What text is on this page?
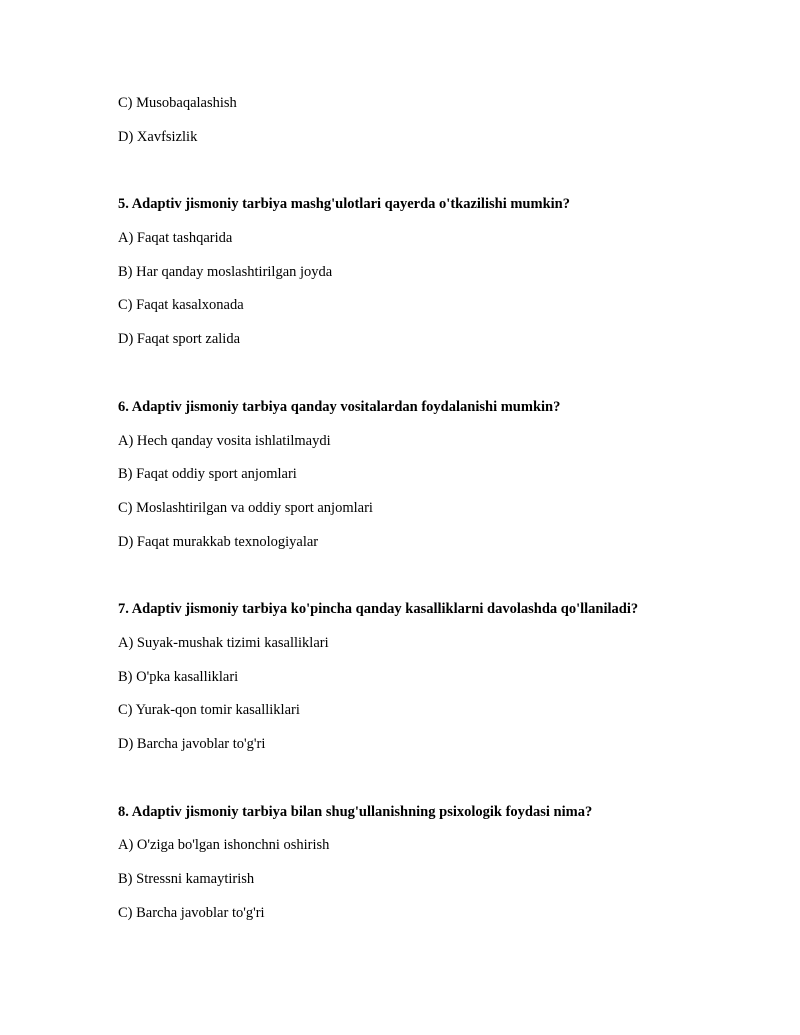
C) Musobaqalashish

D) Xavfsizlik

5. Adaptiv jismoniy tarbiya mashg'ulotlari qayerda o'tkazilishi mumkin?

A) Faqat tashqarida

B) Har qanday moslashtirilgan joyda

C) Faqat kasalxonada

D) Faqat sport zalida

6. Adaptiv jismoniy tarbiya qanday vositalardan foydalanishi mumkin?

A) Hech qanday vosita ishlatilmaydi

B) Faqat oddiy sport anjomlari

C) Moslashtirilgan va oddiy sport anjomlari

D) Faqat murakkab texnologiyalar

7. Adaptiv jismoniy tarbiya ko'pincha qanday kasalliklarni davolashda qo'llaniladi?

A) Suyak-mushak tizimi kasalliklari

B) O'pka kasalliklari

C) Yurak-qon tomir kasalliklari

D) Barcha javoblar to'g'ri

8. Adaptiv jismoniy tarbiya bilan shug'ullanishning psixologik foydasi nima?

A) O'ziga bo'lgan ishonchni oshirish

B) Stressni kamaytirish

C) Barcha javoblar to'g'ri
